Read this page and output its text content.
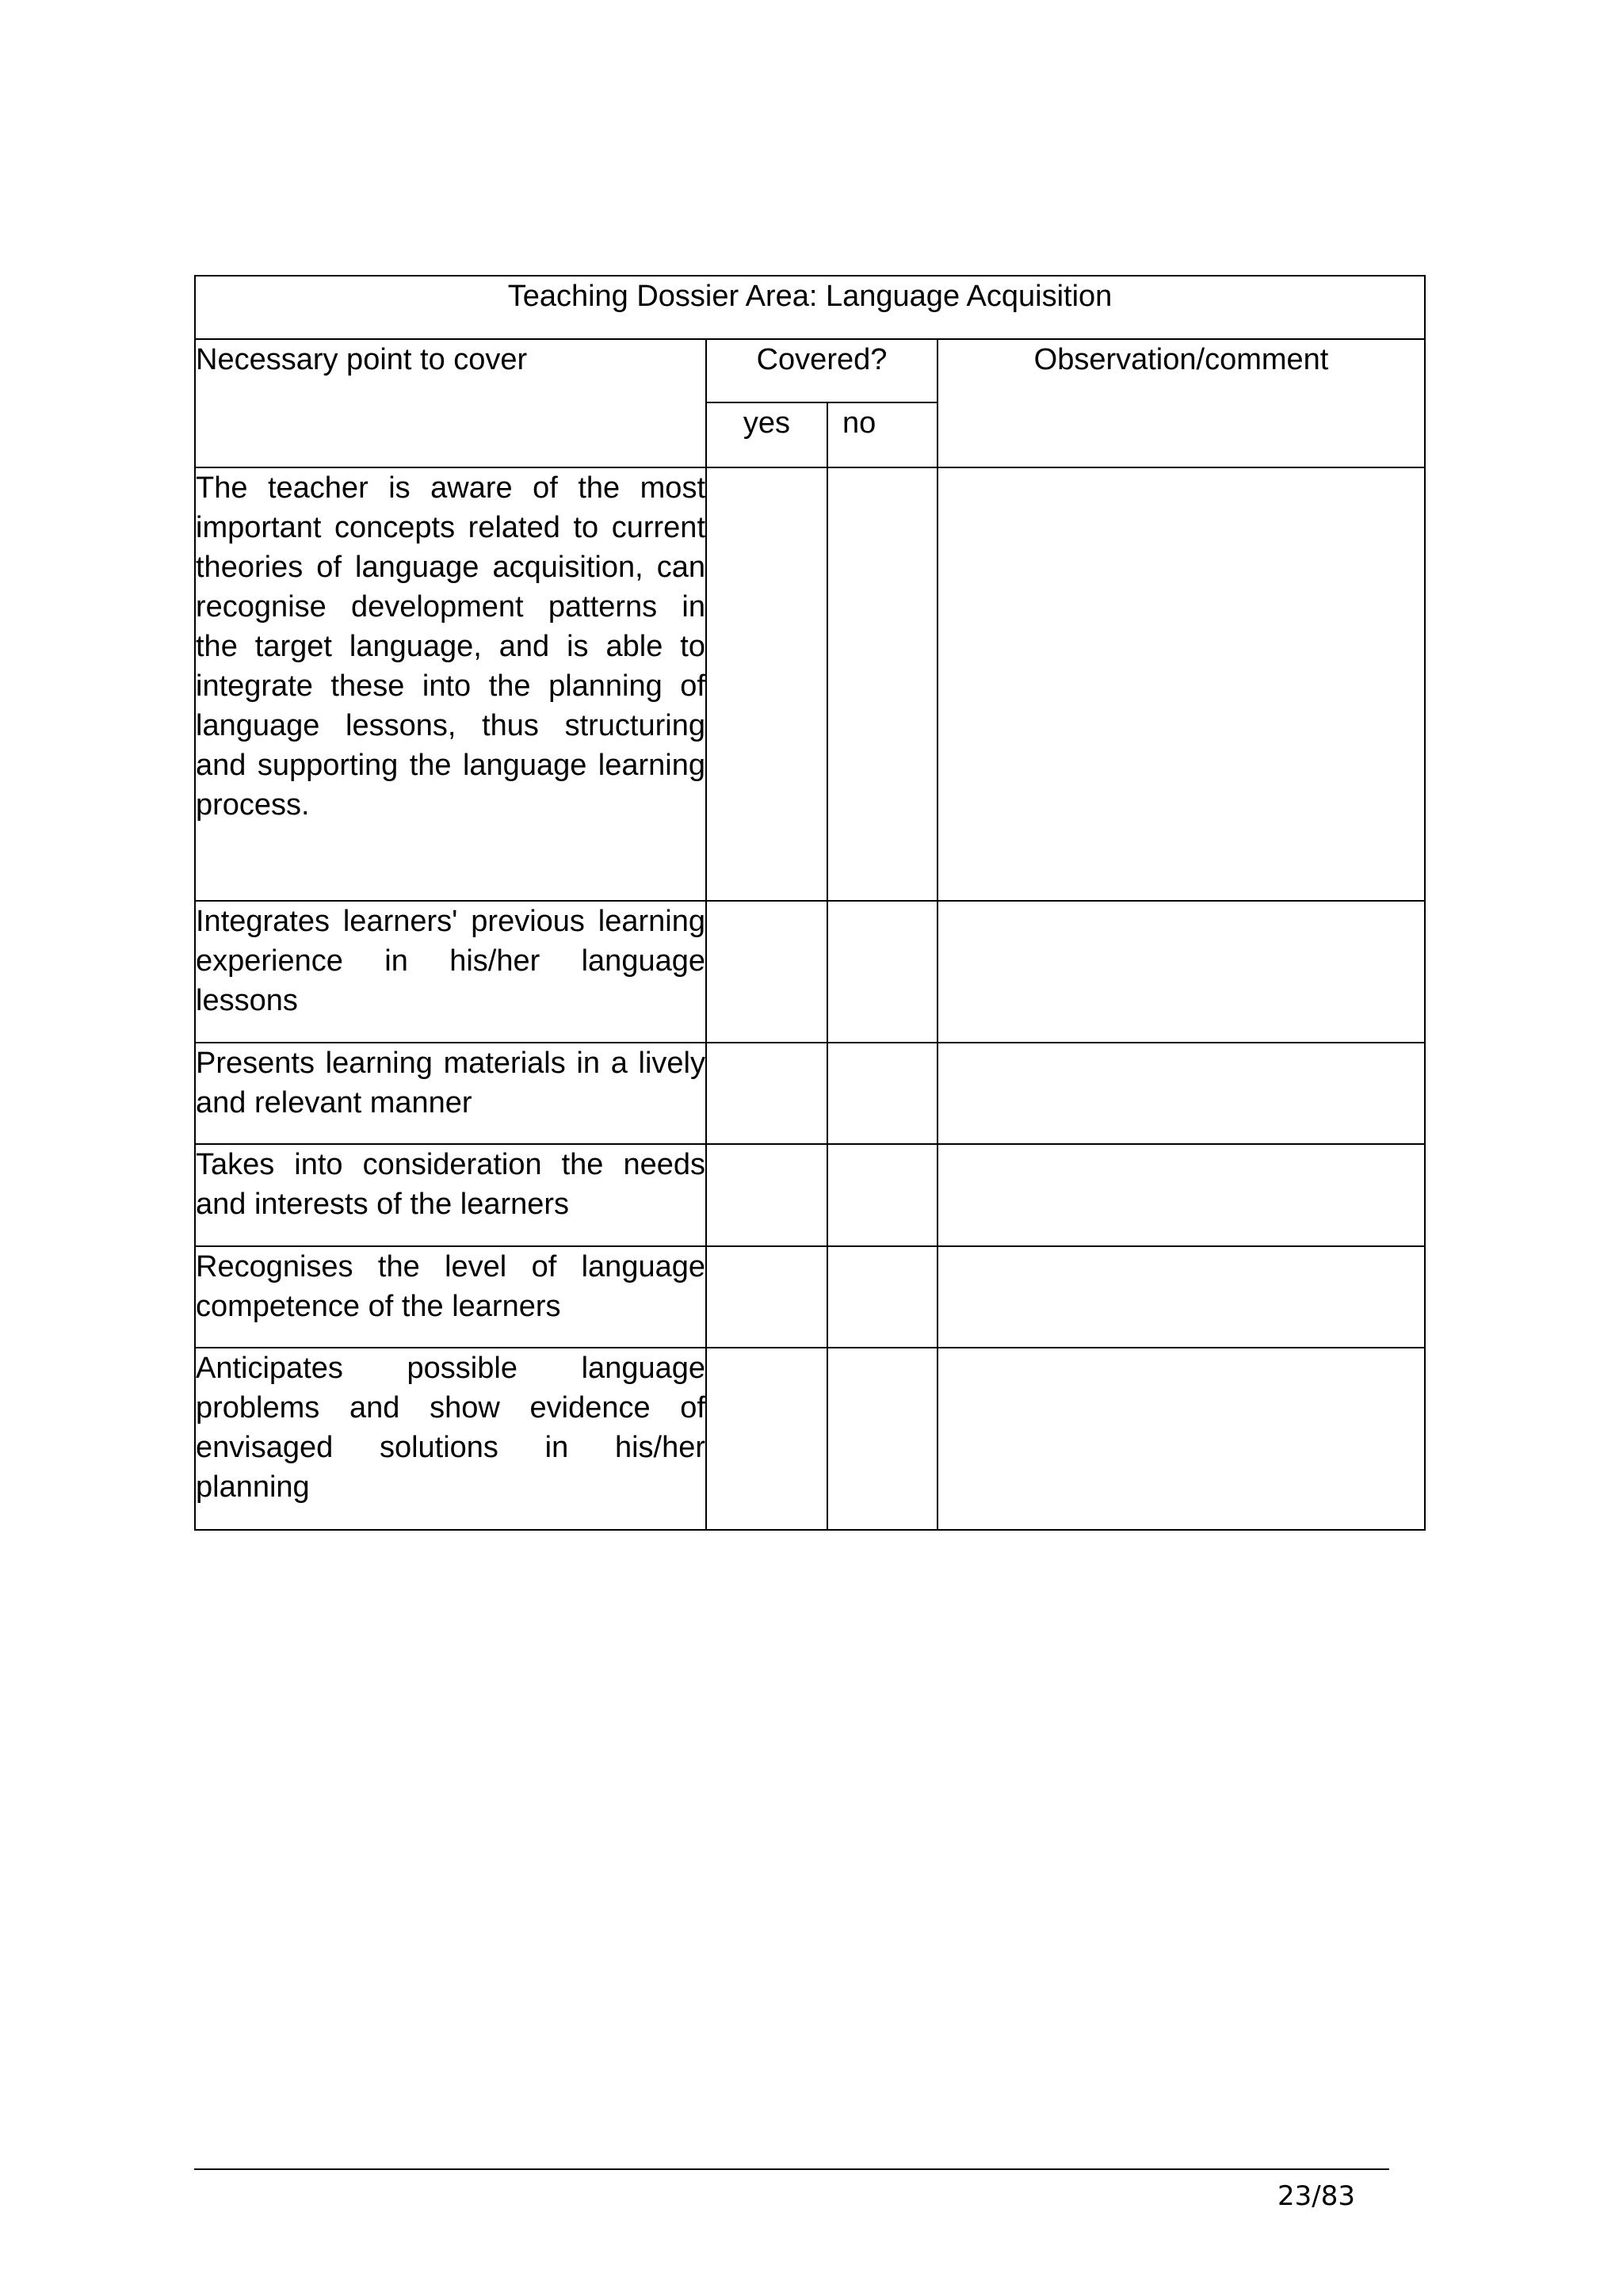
Teaching Dossier Area: Language Acquisition			

Necessary point to cover	Covered?		Observation/comment
	yes	no	
The teacher is aware of the most important concepts related to current theories of language acquisition, can recognise development patterns in the target language, and is able to integrate these into the planning of language lessons, thus structuring and supporting the language learning process.			
Integrates learners' previous learning experience in his/her language lessons			
Presents learning materials in a lively and relevant manner			
Takes into consideration the needs and interests of the learners			
Recognises the level of language competence of the learners			
Anticipates possible language problems and show evidence of envisaged solutions in his/her planning			
23/83
